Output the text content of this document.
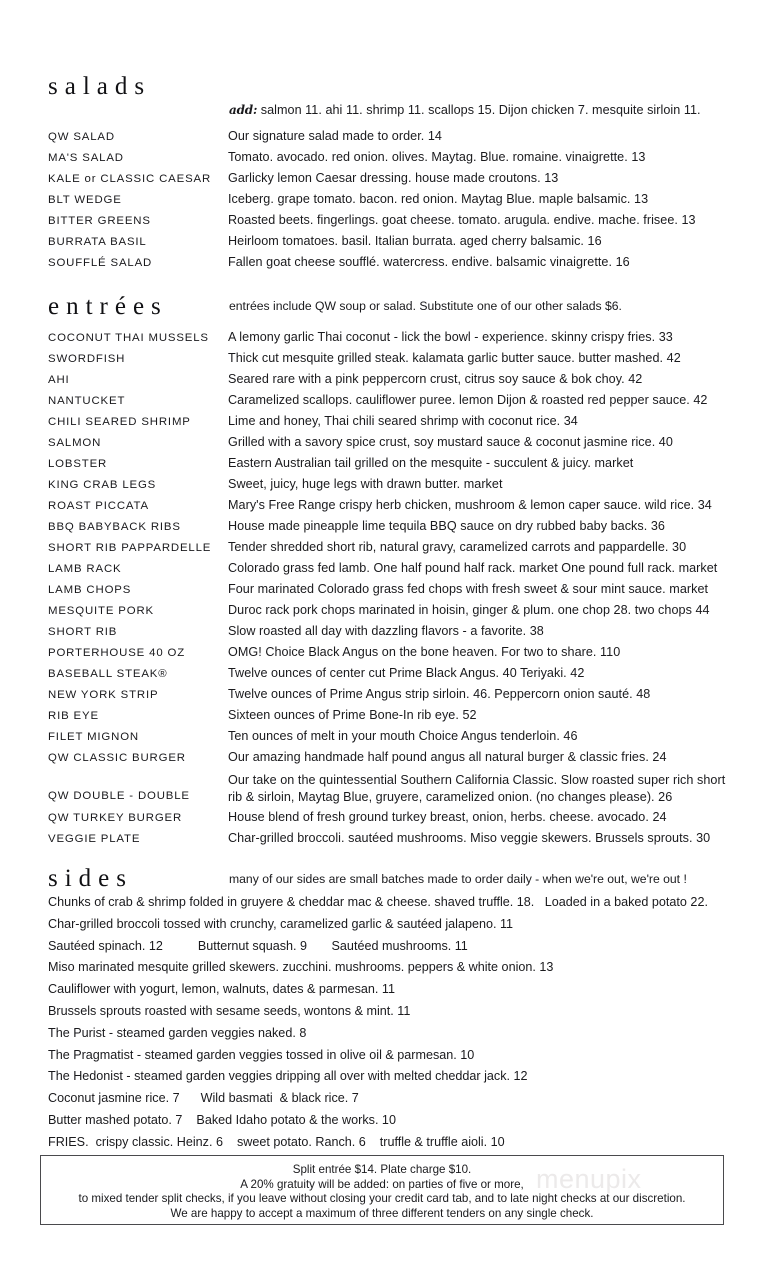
salads
add: salmon 11. ahi 11. shrimp 11. scallops 15. Dijon chicken 7. mesquite sirloin 11.
QW SALAD	Our signature salad made to order. 14
MA'S SALAD	Tomato. avocado. red onion. olives. Maytag. Blue. romaine. vinaigrette. 13
KALE or CLASSIC CAESAR	Garlicky lemon Caesar dressing. house made croutons. 13
BLT WEDGE	Iceberg. grape tomato. bacon. red onion. Maytag Blue. maple balsamic. 13
BITTER GREENS	Roasted beets. fingerlings. goat cheese. tomato. arugula. endive. mache. frisee. 13
BURRATA BASIL	Heirloom tomatoes. basil. Italian burrata. aged cherry balsamic. 16
SOUFFLÉ SALAD	Fallen goat cheese soufflé. watercress. endive. balsamic vinaigrette. 16
entrées	entrées include QW soup or salad. Substitute one of our other salads $6.
COCONUT THAI MUSSELS	A lemony garlic Thai coconut - lick the bowl - experience. skinny crispy fries. 33
SWORDFISH	Thick cut mesquite grilled steak. kalamata garlic butter sauce. butter mashed. 42
AHI	Seared rare with a pink peppercorn crust, citrus soy sauce & bok choy. 42
NANTUCKET	Caramelized scallops. cauliflower puree. lemon Dijon & roasted red pepper sauce. 42
CHILI SEARED SHRIMP	Lime and honey, Thai chili seared shrimp with coconut rice. 34
SALMON	Grilled with a savory spice crust, soy mustard sauce & coconut jasmine rice. 40
LOBSTER	Eastern Australian tail grilled on the mesquite - succulent & juicy. market
KING CRAB LEGS	Sweet, juicy, huge legs with drawn butter. market
ROAST PICCATA	Mary's Free Range crispy herb chicken, mushroom & lemon caper sauce. wild rice. 34
BBQ BABYBACK RIBS	House made pineapple lime tequila BBQ sauce on dry rubbed baby backs. 36
SHORT RIB PAPPARDELLE	Tender shredded short rib, natural gravy, caramelized carrots and pappardelle. 30
LAMB RACK	Colorado grass fed lamb. One half pound half rack. market One pound full rack. market
LAMB CHOPS	Four marinated Colorado grass fed chops with fresh sweet & sour mint sauce. market
MESQUITE PORK	Duroc rack pork chops marinated in hoisin, ginger & plum. one chop 28. two chops 44
SHORT RIB	Slow roasted all day with dazzling flavors - a favorite. 38
PORTERHOUSE 40 OZ	OMG! Choice Black Angus on the bone heaven. For two to share. 110
BASEBALL STEAK®	Twelve ounces of center cut Prime Black Angus. 40 Teriyaki. 42
NEW YORK STRIP	Twelve ounces of Prime Angus strip sirloin. 46. Peppercorn onion sauté. 48
RIB EYE	Sixteen ounces of Prime Bone-In rib eye. 52
FILET MIGNON	Ten ounces of melt in your mouth Choice Angus tenderloin. 46
QW CLASSIC BURGER	Our amazing handmade half pound angus all natural burger & classic fries. 24
QW DOUBLE - DOUBLE
Our take on the quintessential Southern California Classic. Slow roasted super rich short rib & sirloin, Maytag Blue, gruyere, caramelized onion. (no changes please). 26
QW TURKEY BURGER	House blend of fresh ground turkey breast, onion, herbs. cheese. avocado. 24
VEGGIE PLATE	Char-grilled broccoli. sautéed mushrooms. Miso veggie skewers. Brussels sprouts. 30
sides	many of our sides are small batches made to order daily - when we're out, we're out !
Chunks of crab & shrimp folded in gruyere & cheddar mac & cheese. shaved truffle. 18.   Loaded in a baked potato 22.
Char-grilled broccoli tossed with crunchy, caramelized garlic & sautéed jalapeno. 11
Sautéed spinach. 12          Butternut squash. 9       Sautéed mushrooms. 11
Miso marinated mesquite grilled skewers. zucchini. mushrooms. peppers & white onion. 13
Cauliflower with yogurt, lemon, walnuts, dates & parmesan. 11
Brussels sprouts roasted with sesame seeds, wontons & mint. 11
The Purist - steamed garden veggies naked. 8
The Pragmatist - steamed garden veggies tossed in olive oil & parmesan. 10
The Hedonist - steamed garden veggies dripping all over with melted cheddar jack. 12
Coconut jasmine rice. 7      Wild basmati  & black rice. 7
Butter mashed potato. 7    Baked Idaho potato & the works. 10
FRIES.  crispy classic. Heinz. 6    sweet potato. Ranch. 6    truffle & truffle aioli. 10
menupix
Split entrée $14. Plate charge $10.
A 20% gratuity will be added: on parties of five or more,
to mixed tender split checks, if you leave without closing your credit card tab, and to late night checks at our discretion.
We are happy to accept a maximum of three different tenders on any single check.
